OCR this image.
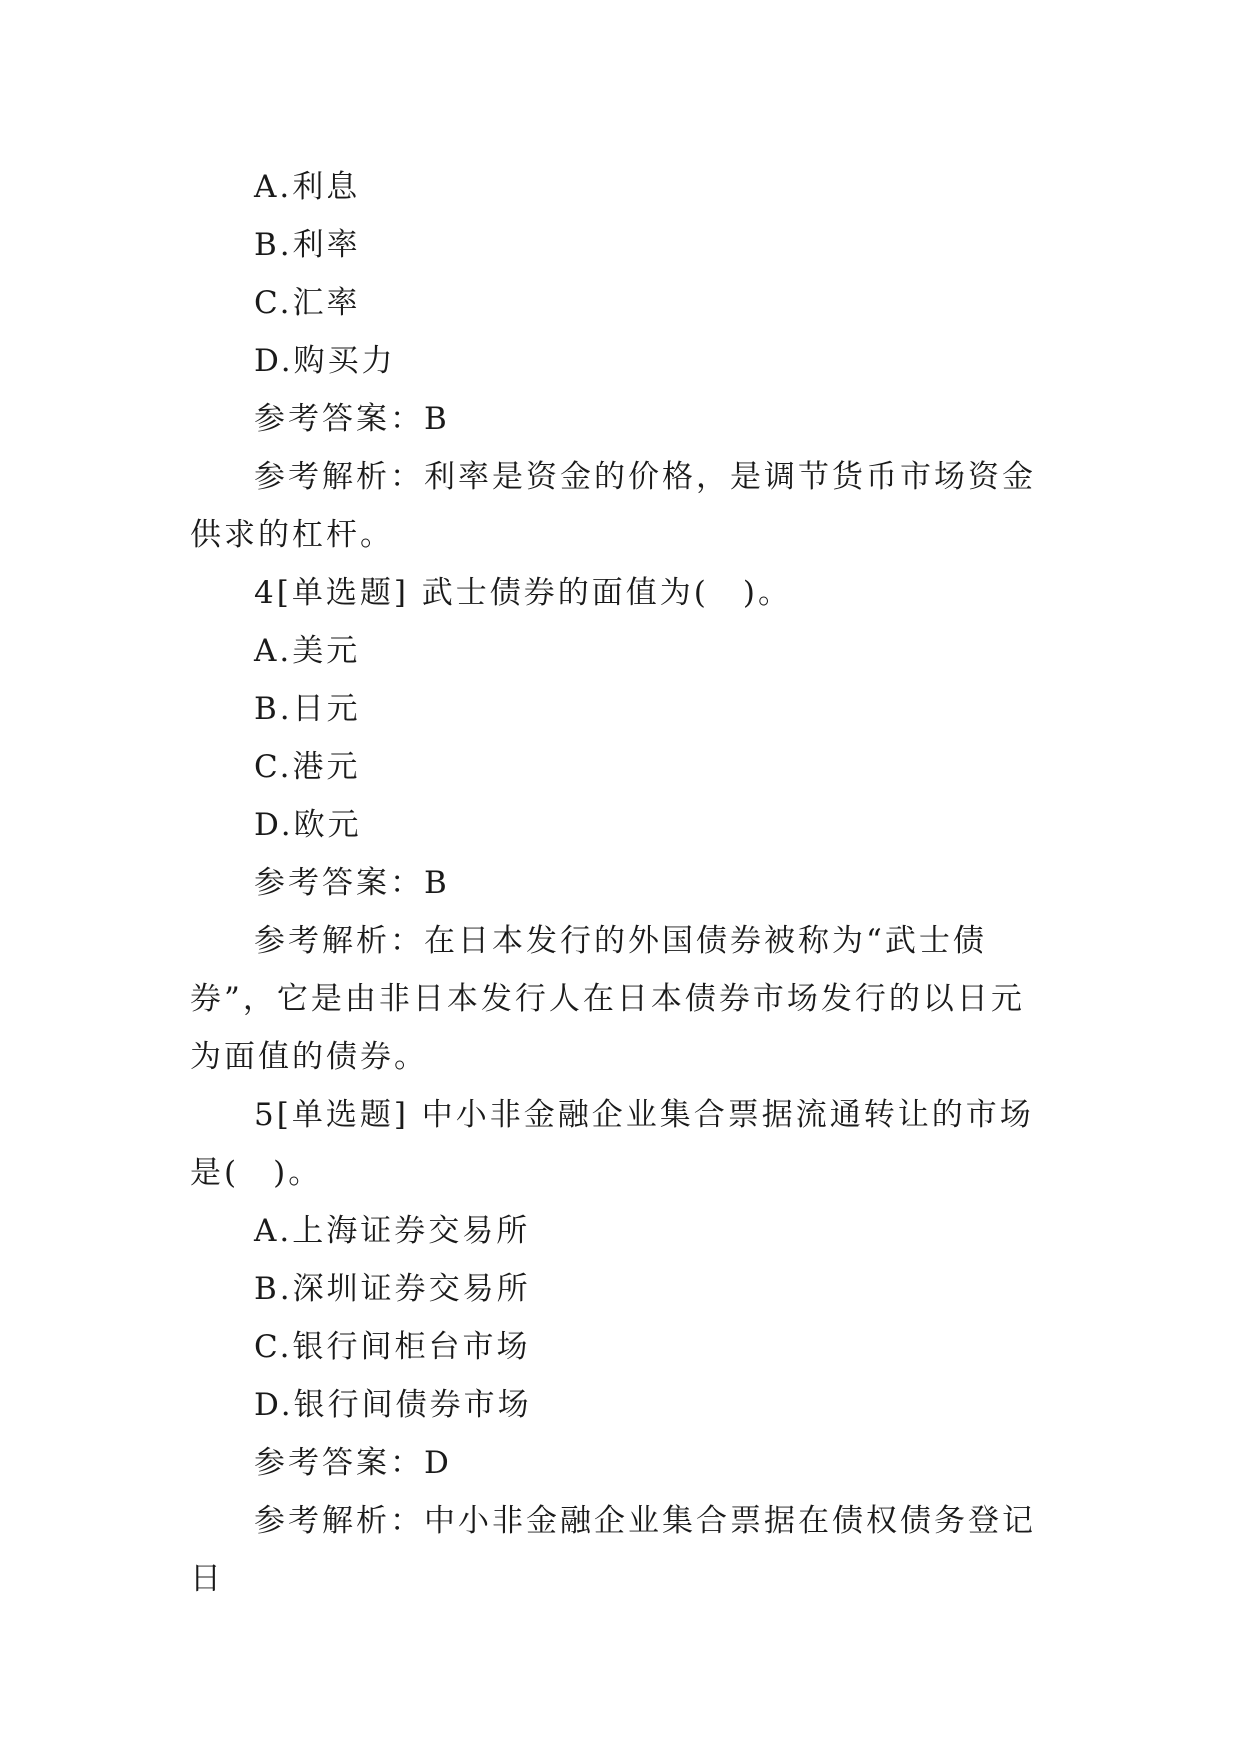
A.利息

B.利率

C.汇率

D.购买力

参考答案：B

参考解析：利率是资金的价格，是调节货币市场资金供求的杠杆。

4[单选题] 武士债券的面值为(　)。

A.美元

B.日元

C.港元

D.欧元

参考答案：B

参考解析：在日本发行的外国债券被称为“武士债券”，它是由非日本发行人在日本债券市场发行的以日元为面值的债券。

5[单选题] 中小非金融企业集合票据流通转让的市场是(　)。

A.上海证券交易所

B.深圳证券交易所

C.银行间柜台市场

D.银行间债券市场

参考答案：D

参考解析：中小非金融企业集合票据在债权债务登记日
